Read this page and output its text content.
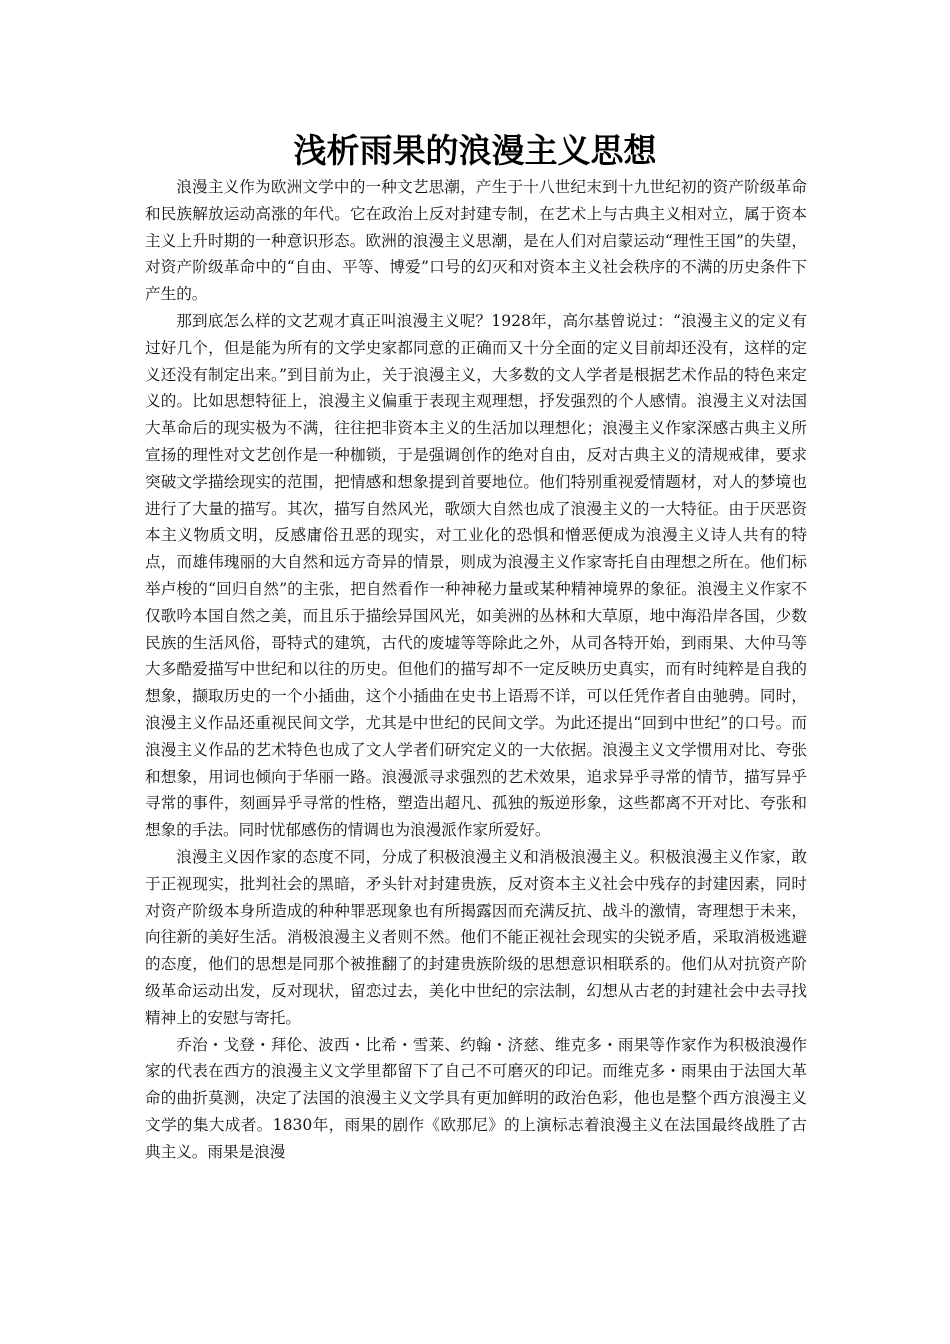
浅析雨果的浪漫主义思想

浪漫主义作为欧洲文学中的一种文艺思潮，产生于十八世纪末到十九世纪初的资产阶级革命和民族解放运动高涨的年代。它在政治上反对封建专制，在艺术上与古典主义相对立，属于资本主义上升时期的一种意识形态。欧洲的浪漫主义思潮，是在人们对启蒙运动“理性王国”的失望，对资产阶级革命中的“自由、平等、博爱”口号的幻灭和对资本主义社会秩序的不满的历史条件下产生的。

那到底怎么样的文艺观才真正叫浪漫主义呢？1928年，高尔基曾说过：“浪漫主义的定义有过好几个，但是能为所有的文学史家都同意的正确而又十分全面的定义目前却还没有，这样的定义还没有制定出来。”到目前为止，关于浪漫主义，大多数的文人学者是根据艺术作品的特色来定义的。比如思想特征上，浪漫主义偏重于表现主观理想，抒发强烈的个人感情。浪漫主义对法国大革命后的现实极为不满，往往把非资本主义的生活加以理想化；浪漫主义作家深感古典主义所宣扬的理性对文艺创作是一种枷锁，于是强调创作的绝对自由，反对古典主义的清规戒律，要求突破文学描绘现实的范围，把情感和想象提到首要地位。他们特别重视爱情题材，对人的梦境也进行了大量的描写。其次，描写自然风光，歌颂大自然也成了浪漫主义的一大特征。由于厌恶资本主义物质文明，反感庸俗丑恶的现实，对工业化的恐惧和憎恶便成为浪漫主义诗人共有的特点，而雄伟瑰丽的大自然和远方奇异的情景，则成为浪漫主义作家寄托自由理想之所在。他们标举卢梭的“回归自然”的主张，把自然看作一种神秘力量或某种精神境界的象征。浪漫主义作家不仅歌吟本国自然之美，而且乐于描绘异国风光，如美洲的丛林和大草原，地中海沿岸各国，少数民族的生活风俗，哥特式的建筑，古代的废墟等等除此之外，从司各特开始，到雨果、大仲马等大多酷爱描写中世纪和以往的历史。但他们的描写却不一定反映历史真实，而有时纯粹是自我的想象，撷取历史的一个小插曲，这个小插曲在史书上语焉不详，可以任凭作者自由驰骋。同时，浪漫主义作品还重视民间文学，尤其是中世纪的民间文学。为此还提出“回到中世纪”的口号。而浪漫主义作品的艺术特色也成了文人学者们研究定义的一大依据。浪漫主义文学惯用对比、夸张和想象，用词也倾向于华丽一路。浪漫派寻求强烈的艺术效果，追求异乎寻常的情节，描写异乎寻常的事件，刻画异乎寻常的性格，塑造出超凡、孤独的叛逆形象，这些都离不开对比、夸张和想象的手法。同时忧郁感伤的情调也为浪漫派作家所爱好。

浪漫主义因作家的态度不同，分成了积极浪漫主义和消极浪漫主义。积极浪漫主义作家，敢于正视现实，批判社会的黑暗，矛头针对封建贵族，反对资本主义社会中残存的封建因素，同时对资产阶级本身所造成的种种罪恶现象也有所揭露因而充满反抗、战斗的激情，寄理想于未来，向往新的美好生活。消极浪漫主义者则不然。他们不能正视社会现实的尖锐矛盾，采取消极逃避的态度，他们的思想是同那个被推翻了的封建贵族阶级的思想意识相联系的。他们从对抗资产阶级革命运动出发，反对现状，留恋过去，美化中世纪的宗法制，幻想从古老的封建社会中去寻找精神上的安慰与寄托。

乔治・戈登・拜伦、波西・比希・雪莱、约翰・济慈、维克多・雨果等作家作为积极浪漫作家的代表在西方的浪漫主义文学里都留下了自己不可磨灭的印记。而维克多・雨果由于法国大革命的曲折莫测，决定了法国的浪漫主义文学具有更加鲜明的政治色彩，他也是整个西方浪漫主义文学的集大成者。1830年，雨果的剧作《欧那尼》的上演标志着浪漫主义在法国最终战胜了古典主义。雨果是浪漫
